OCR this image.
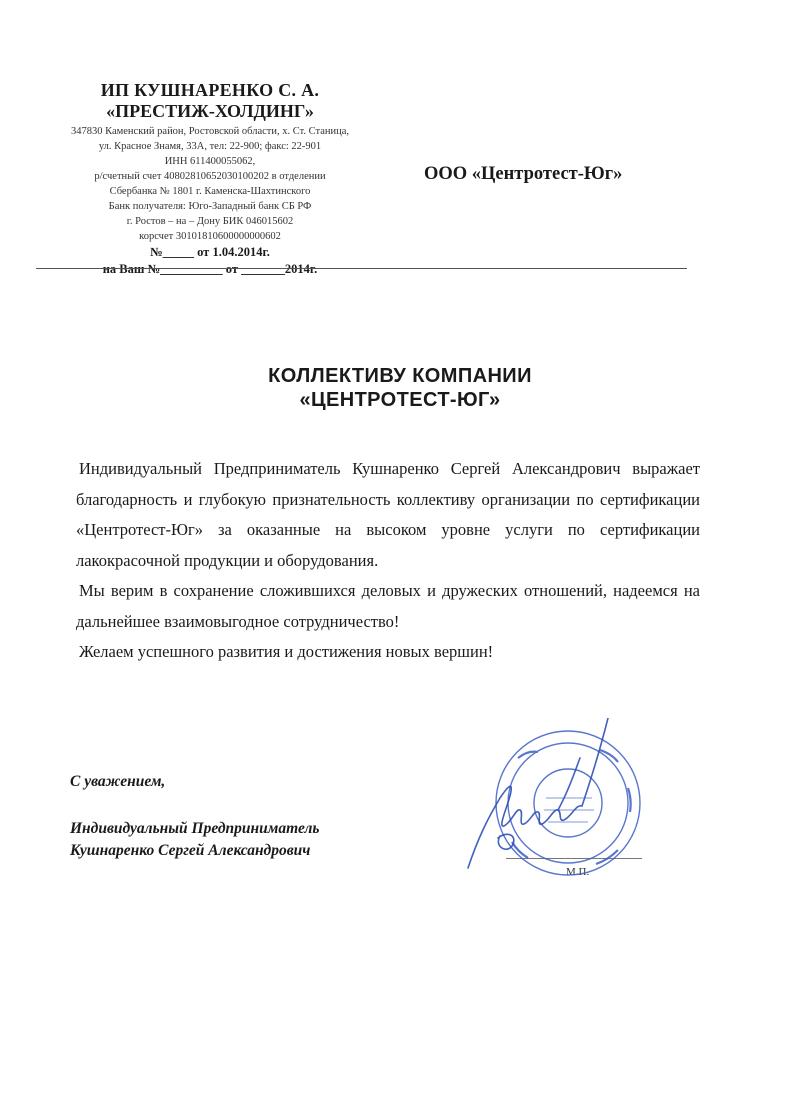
ИП КУШНАРЕНКО С. А.
«ПРЕСТИЖ-ХОЛДИНГ»
347830 Каменский район, Ростовской области, х. Ст. Станица,
ул. Красное Знамя, 33А, тел: 22-900; факс: 22-901
ИНН 611400055062,
р/счетный счет 40802810652030100202 в отделении
Сбербанка № 1801 г. Каменска-Шахтинского
Банк получателя: Юго-Западный банк СБ РФ
г. Ростов – на – Дону БИК 046015602
корсчет 30101810600000000602
№_____ от 1.04.2014г.
на Ваш №__________ от _______2014г.
ООО «Центротест-Юг»
КОЛЛЕКТИВУ КОМПАНИИ
«ЦЕНТРОТЕСТ-ЮГ»

Индивидуальный Предприниматель Кушнаренко Сергей Александрович выражает благодарность и глубокую признательность коллективу организации по сертификации «Центротест-Юг» за оказанные на высоком уровне услуги по сертификации лакокрасочной продукции и оборудования.

Мы верим в сохранение сложившихся деловых и дружеских отношений, надеемся на дальнейшее взаимовыгодное сотрудничество!

Желаем успешного развития и достижения новых вершин!

С уважением,
Индивидуальный Предприниматель
Кушнаренко Сергей Александрович
М.П.
